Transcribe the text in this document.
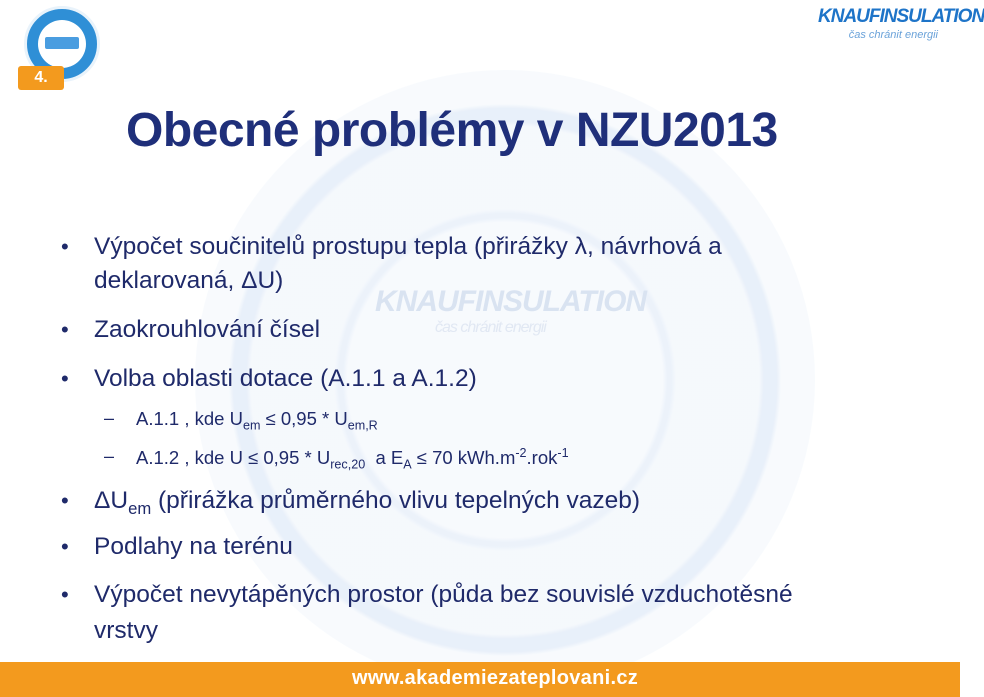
KNAUFINSULATION
čas chránit energii
4.
KNAUFINSULATION
čas chránit energii
Obecné problémy v NZU2013
• Výpočet součinitelů prostupu tepla (přirážky λ, návrhová a
deklarovaná, ΔU)
• Zaokrouhlování čísel
• Volba oblasti dotace (A.1.1 a A.1.2)
– A.1.1 , kde $U_{em} \le 0,95 * U_{em,R}$
– A.1.2 , kde $U \le 0,95 * U_{rec,20}$  a $E_A \le 70$ $kWh.m^{-2}.rok^{-1}$
• $\Delta U_{em}$ (přirážka průměrného vlivu tepelných vazeb)
• Podlahy na terénu
• Výpočet nevytápěných prostor (půda bez souvislé vzduchotěsné
vrstvy
www.akademiezateplovani.cz
